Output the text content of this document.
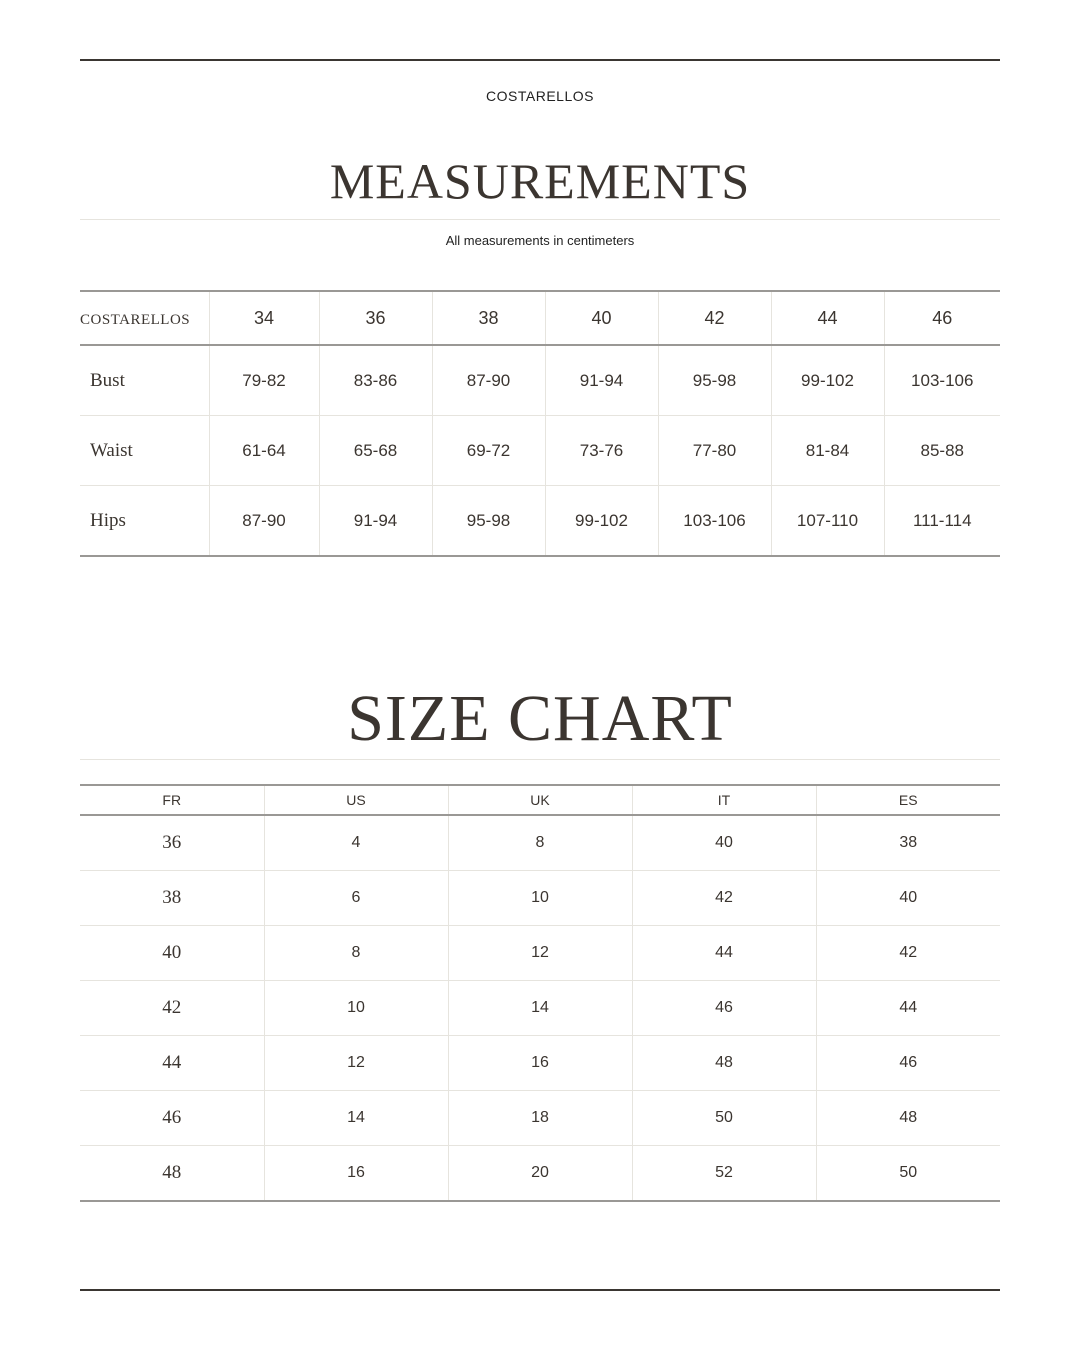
COSTARELLOS
MEASUREMENTS
All measurements in centimeters
COSTARELLOS	34	36	38	40	42	44	46
Bust	79-82	83-86	87-90	91-94	95-98	99-102	103-106
Waist	61-64	65-68	69-72	73-76	77-80	81-84	85-88
Hips	87-90	91-94	95-98	99-102	103-106	107-110	111-114
SIZE CHART
FR	US	UK	IT	ES
36	4	8	40	38
38	6	10	42	40
40	8	12	44	42
42	10	14	46	44
44	12	16	48	46
46	14	18	50	48
48	16	20	52	50
